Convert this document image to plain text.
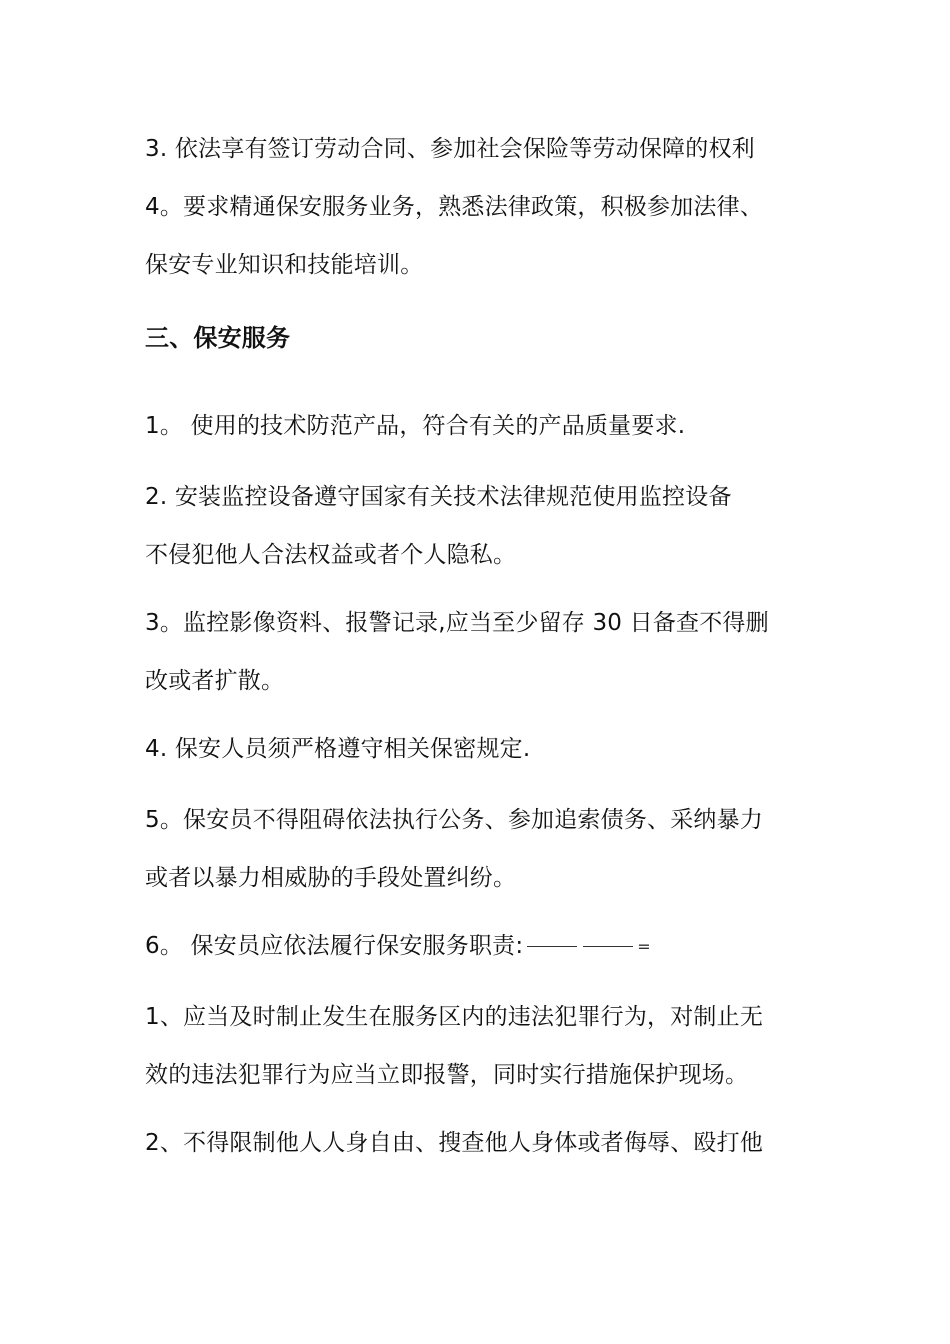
3. 依法享有签订劳动合同、参加社会保险等劳动保障的权利
4。要求精通保安服务业务，熟悉法律政策，积极参加法律、
保安专业知识和技能培训。
三、保安服务
1。 使用的技术防范产品，符合有关的产品质量要求.
2. 安装监控设备遵守国家有关技术法律规范使用监控设备
不侵犯他人合法权益或者个人隐私。
3。监控影像资料、报警记录,应当至少留存 30 日备查不得删
改或者扩散。
4. 保安人员须严格遵守相关保密规定.
5。保安员不得阻碍依法执行公务、参加追索债务、采纳暴力
或者以暴力相威胁的手段处置纠纷。
6。 保安员应依法履行保安服务职责:	=
1、应当及时制止发生在服务区内的违法犯罪行为，对制止无
效的违法犯罪行为应当立即报警，同时实行措施保护现场。
2、不得限制他人人身自由、搜查他人身体或者侮辱、殴打他
